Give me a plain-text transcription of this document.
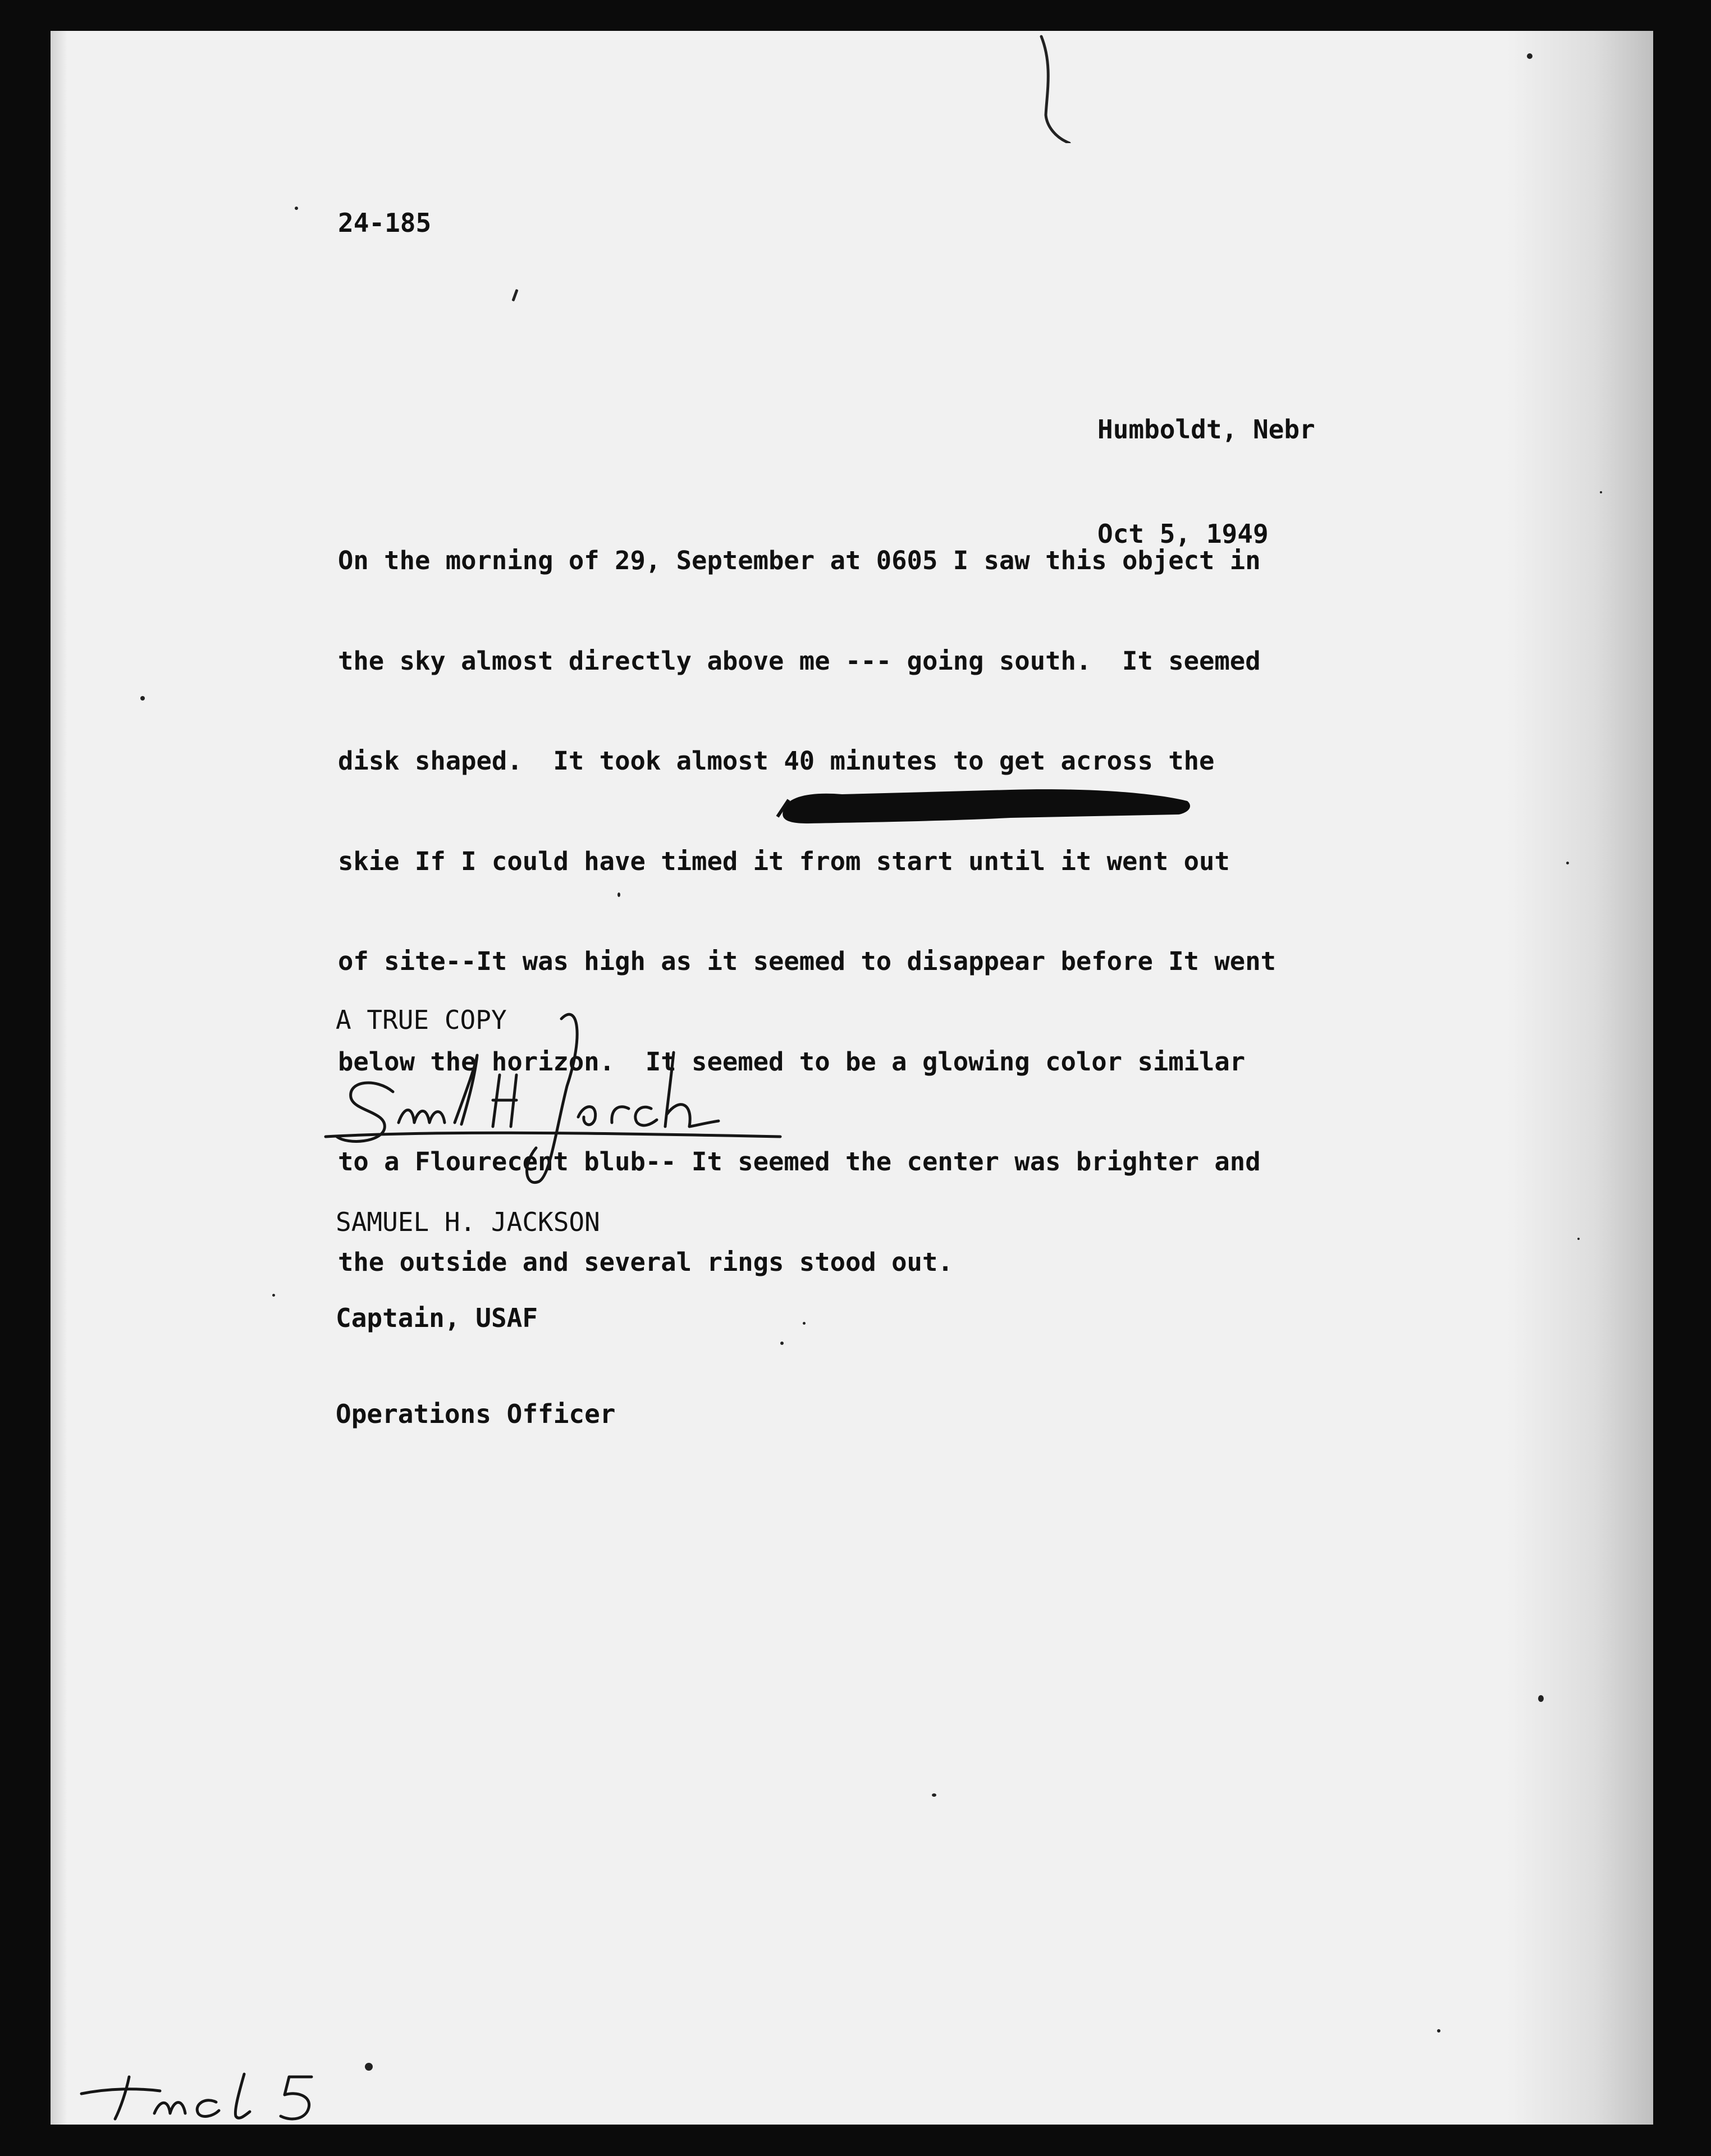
24-185

Humboldt, Nebr

Oct 5, 1949

On the morning of 29, September at 0605 I saw this object in

the sky almost directly above me --- going south.  It seemed

disk shaped.  It took almost 40 minutes to get across the

skie If I could have timed it from start until it went out

of site--It was high as it seemed to disappear before It went

below the horizon.  It seemed to be a glowing color similar

to a Flourecent blub-- It seemed the center was brighter and

the outside and several rings stood out.

A TRUE COPY

SAMUEL H. JACKSON

Captain, USAF

Operations Officer
